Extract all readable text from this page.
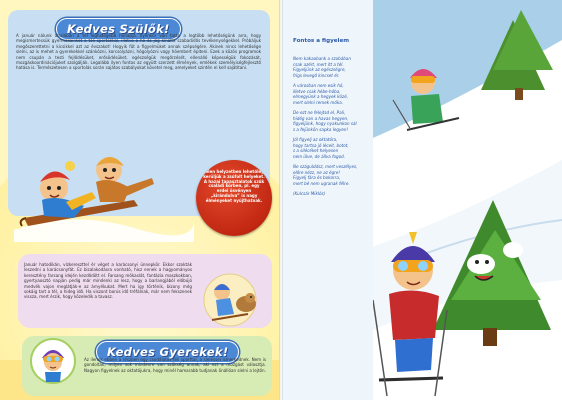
Kedves Szülők!
A január nálunk általában a tél leghidegebb hónapja. Ilyenkor van talán a legtöbb lehetőségünk arra, hogy megismertessük gyermekeinket a téli sportokkal, illetve a hó és jég kínálta szabadidős tevékenységekkel. Próbáljuk megőszerettetni a kicsikkel azt az évszakot! Hogyik fűt a figyelmüket annak szépségére. Akinek nincs lehetősége síelni, az is mehet a gyerekekkel szánkózni, korcsolyázni, hógolyózni vagy hóembert építeni. Ezek a közös programok nem csupán a testi fejlődésüket, erősödésüket, egészségük megőrzését, ellenálló képességük fokozását, mozgáskoordinációjuket szolgálják. Legalább ilyen fontos az együtt szerzett élmények, emlékek személyiségfejlesztő hatása is. Természetesen a sportolás során sajátos szabályokat követel meg, amelyeket szintén el kell sajátítani.
Jelen helyzetben lehetőleg kerüljük a zsúfolt helyeket. A hazai tapasztalatok szűk családi körben, pl. egy erdei ösvényen „kirándulva” is nagy élményeket nyújthatnak.
Január hatodikán, vízkereszttel ér véget a karácsonyi ünnepkör. Ekkor szokták leszedni a karácsonyfát. Ez bizalakodásra vonható, hisz ennek a hagyományos keresztény farsang idején kezdődött el. Farsang mókaslát, fantázia maszkokban, gyertyaosztó napján pedig már mindenki az lesz, hogy a barlangjából előbújó medvék vajon meglátják-e az árnyékukat. Mert ha igy történik, bizony még sokáig tart a tél, a hideg idő. Ha viszont borús idő tréfálnak, már nem fekszenek vissza, mert érzik, hogy közeledik a tavasz.
Kedves Gyerekek!
Az ilenek ebben a részben egy csodálatos téli sporttal, a síeléssel ismerkednek. Nem is gondoltak, milyen sok mindenre van szükség annak, aki ezt a mozgást választja. Nagyon figyelnek az oktatójukra, hogy minél hamarabb tudjanak önállóan síelni a lejtőn.
Fontos a figyelem
Nem kakaobank a szobában
csak azért, mert itt a tél.
Figyeljünk az egészségre,
frigs levegő kincset ér.
A városban nem esik hó,
illetve csak hébe-hóba,
elmegyünk a hegyek közé,
mert síelni remek móka.
De ezt ne felejtsd el, Pali,
hidég van a havas hegyen,
figyeljünk, hogy nyakunkon sál
s a fejünkön sapka legyen!
Jól figyelj az oktatóra,
hogy tartsa jó léceit, botot,
s a sílécéket helyesen
nem ülve, de állva fogod.
Ne szágulddsz, mert veszélyes,
előre nézz, ne az égre!
Figyelj fára és bokorra,
mert bé nem ugranak félre.
(Kulcsár Miklós)
